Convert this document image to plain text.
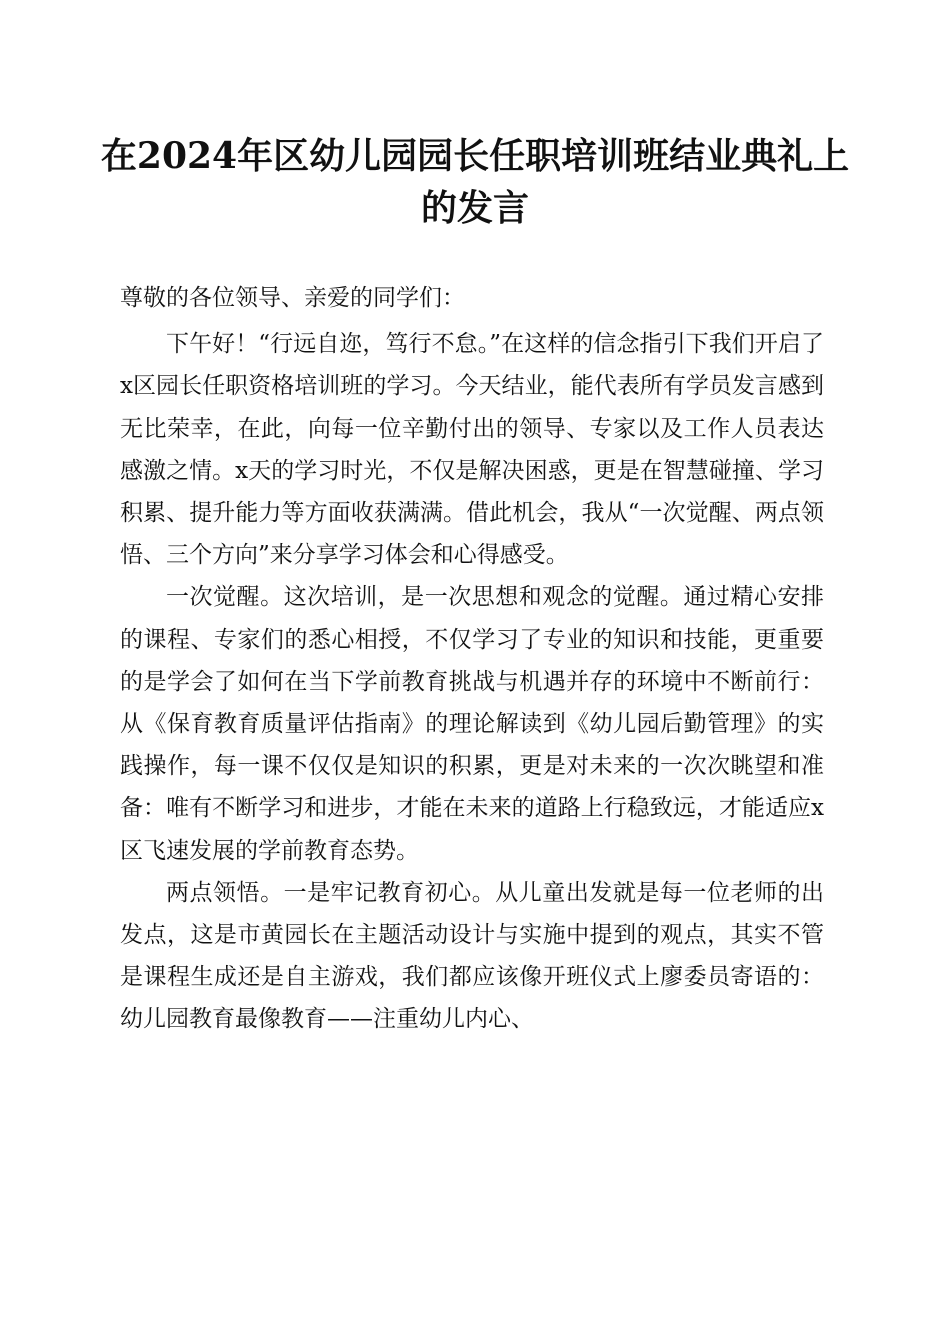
在2024年区幼儿园园长任职培训班结业典礼上的发言

尊敬的各位领导、亲爱的同学们：

下午好！“行远自迩，笃行不怠。”在这样的信念指引下我们开启了x区园长任职资格培训班的学习。今天结业，能代表所有学员发言感到无比荣幸，在此，向每一位辛勤付出的领导、专家以及工作人员表达感激之情。x天的学习时光，不仅是解决困惑，更是在智慧碰撞、学习积累、提升能力等方面收获满满。借此机会，我从“一次觉醒、两点领悟、三个方向”来分享学习体会和心得感受。

一次觉醒。这次培训，是一次思想和观念的觉醒。通过精心安排的课程、专家们的悉心相授，不仅学习了专业的知识和技能，更重要的是学会了如何在当下学前教育挑战与机遇并存的环境中不断前行：从《保育教育质量评估指南》的理论解读到《幼儿园后勤管理》的实践操作，每一课不仅仅是知识的积累，更是对未来的一次次眺望和准备：唯有不断学习和进步，才能在未来的道路上行稳致远，才能适应x区飞速发展的学前教育态势。

两点领悟。一是牢记教育初心。从儿童出发就是每一位老师的出发点，这是市黄园长在主题活动设计与实施中提到的观点，其实不管是课程生成还是自主游戏，我们都应该像开班仪式上廖委员寄语的：幼儿园教育最像教育——注重幼儿内心、
